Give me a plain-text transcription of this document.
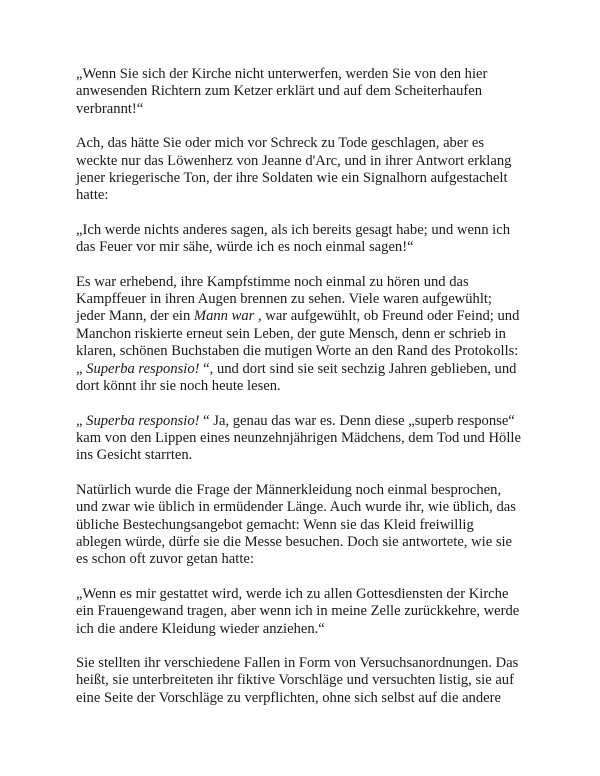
„Wenn Sie sich der Kirche nicht unterwerfen, werden Sie von den hier
anwesenden Richtern zum Ketzer erklärt und auf dem Scheiterhaufen
verbrannt!“

Ach, das hätte Sie oder mich vor Schreck zu Tode geschlagen, aber es
weckte nur das Löwenherz von Jeanne d'Arc, und in ihrer Antwort erklang
jener kriegerische Ton, der ihre Soldaten wie ein Signalhorn aufgestachelt
hatte:

„Ich werde nichts anderes sagen, als ich bereits gesagt habe; und wenn ich
das Feuer vor mir sähe, würde ich es noch einmal sagen!“

Es war erhebend, ihre Kampfstimme noch einmal zu hören und das
Kampffeuer in ihren Augen brennen zu sehen. Viele waren aufgewühlt;
jeder Mann, der ein Mann war , war aufgewühlt, ob Freund oder Feind; und
Manchon riskierte erneut sein Leben, der gute Mensch, denn er schrieb in
klaren, schönen Buchstaben die mutigen Worte an den Rand des Protokolls:
„ Superba responsio! “, und dort sind sie seit sechzig Jahren geblieben, und
dort könnt ihr sie noch heute lesen.

„ Superba responsio! “ Ja, genau das war es. Denn diese „superb response“
kam von den Lippen eines neunzehnjährigen Mädchens, dem Tod und Hölle
ins Gesicht starrten.

Natürlich wurde die Frage der Männerkleidung noch einmal besprochen,
und zwar wie üblich in ermüdender Länge. Auch wurde ihr, wie üblich, das
übliche Bestechungsangebot gemacht: Wenn sie das Kleid freiwillig
ablegen würde, dürfe sie die Messe besuchen. Doch sie antwortete, wie sie
es schon oft zuvor getan hatte:

„Wenn es mir gestattet wird, werde ich zu allen Gottesdiensten der Kirche
ein Frauengewand tragen, aber wenn ich in meine Zelle zurückkehre, werde
ich die andere Kleidung wieder anziehen.“

Sie stellten ihr verschiedene Fallen in Form von Versuchsanordnungen. Das
heißt, sie unterbreiteten ihr fiktive Vorschläge und versuchten listig, sie auf
eine Seite der Vorschläge zu verpflichten, ohne sich selbst auf die andere
